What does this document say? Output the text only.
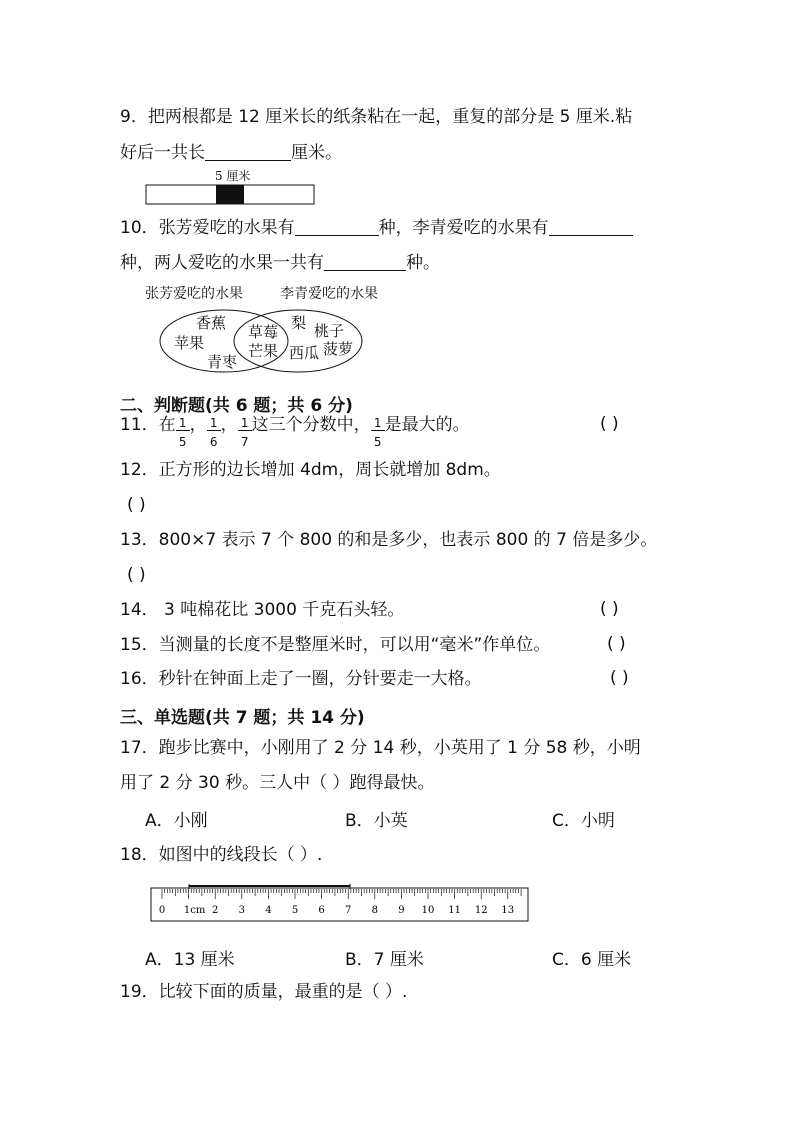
9．把两根都是 12 厘米长的纸条粘在一起，重复的部分是 5 厘米.粘
好后一共长	厘米。
5 厘米
10．张芳爱吃的水果有	种，李青爱吃的水果有
种，两人爱吃的水果一共有	种。
张芳爱吃的水果	李青爱吃的水果
香蕉
苹果
青枣
草莓
芒果
梨 桃子
西瓜 菠萝
二、判断题(共 6 题；共 6 分)
11．在 $\frac{1}{5}$ ， $\frac{1}{6}$ ， $\frac{1}{7}$ 这三个分数中， $\frac{1}{5}$ 是最大的。	( )
12．正方形的边长增加 4dm，周长就增加 8dm。
( )
13．800×7 表示 7 个 800 的和是多少，也表示 800 的 7 倍是多少。
( )
14． 3 吨棉花比 3000 千克石头轻。	( )
15．当测量的长度不是整厘米时，可以用“毫米”作单位。	( )
16．秒针在钟面上走了一圈，分针要走一大格。	( )
三、单选题(共 7 题；共 14 分)
17．跑步比赛中，小刚用了 2 分 14 秒，小英用了 1 分 58 秒，小明
用了 2 分 30 秒。三人中（ ）跑得最快。
A．小刚	B．小英	C．小明
18．如图中的线段长（ ）.
0 1cm 2 3 4 5 6 7 8 9 10 11 12 13
A．13 厘米	B．7 厘米	C．6 厘米
19．比较下面的质量，最重的是（ ）.
